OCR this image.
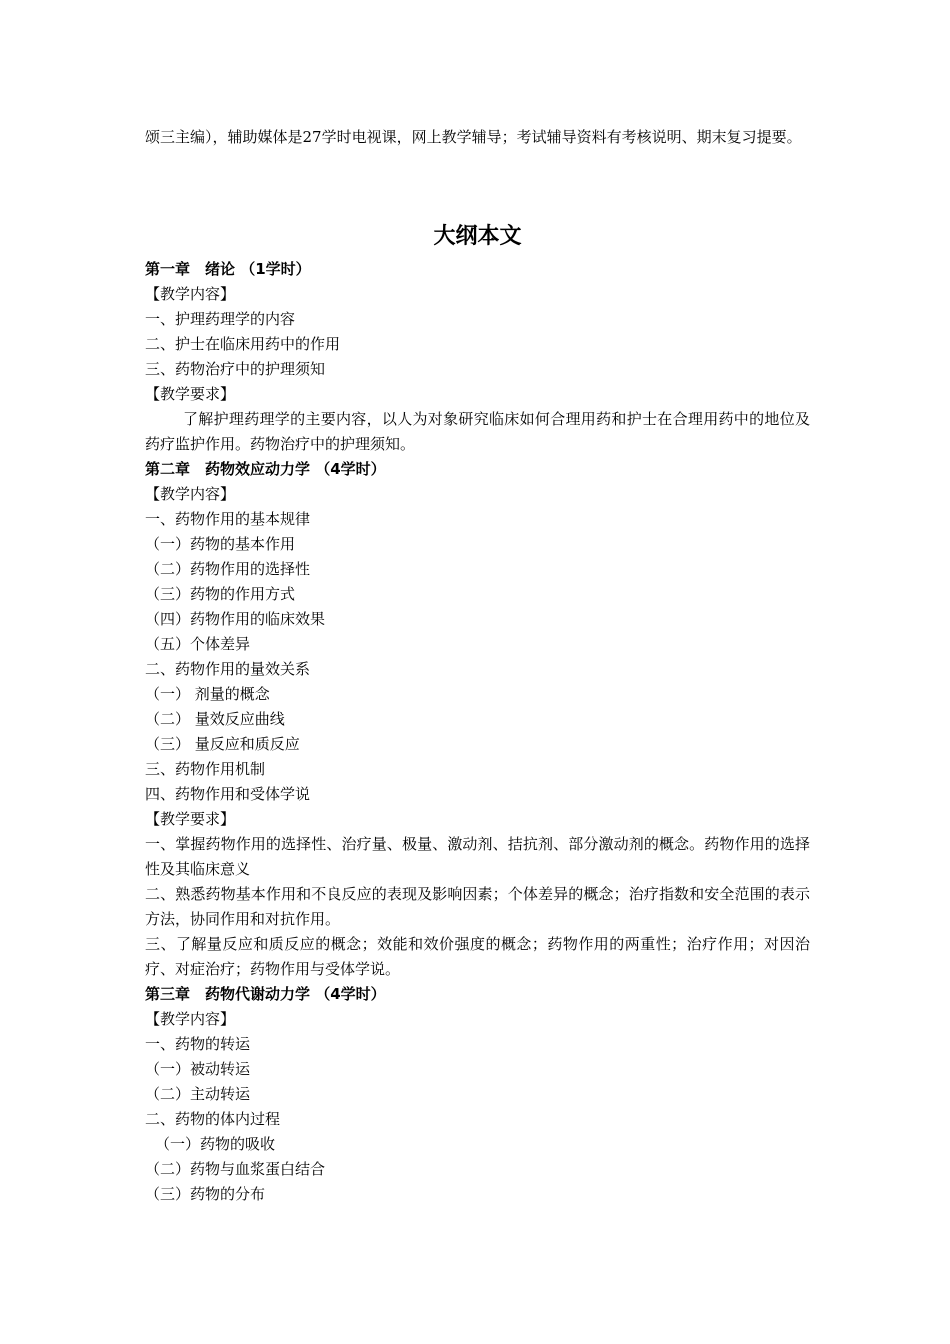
颂三主编），辅助媒体是27学时电视课，网上教学辅导；考试辅导资料有考核说明、期末复习提要。
大纲本文
第一章　绪论 （1学时）
【教学内容】
一、护理药理学的内容
二、护士在临床用药中的作用
三、药物治疗中的护理须知
【教学要求】
了解护理药理学的主要内容，以人为对象研究临床如何合理用药和护士在合理用药中的地位及药疗监护作用。药物治疗中的护理须知。
第二章　药物效应动力学 （4学时）
【教学内容】
一、药物作用的基本规律
（一）药物的基本作用
（二）药物作用的选择性
（三）药物的作用方式
（四）药物作用的临床效果
（五）个体差异
二、药物作用的量效关系
（一） 剂量的概念
（二） 量效反应曲线
（三） 量反应和质反应
三、药物作用机制
四、药物作用和受体学说
【教学要求】
一、掌握药物作用的选择性、治疗量、极量、激动剂、拮抗剂、部分激动剂的概念。药物作用的选择性及其临床意义
二、熟悉药物基本作用和不良反应的表现及影响因素；个体差异的概念；治疗指数和安全范围的表示方法，协同作用和对抗作用。
三、了解量反应和质反应的概念；效能和效价强度的概念；药物作用的两重性；治疗作用；对因治疗、对症治疗；药物作用与受体学说。
第三章　药物代谢动力学 （4学时）
【教学内容】
一、药物的转运
（一）被动转运
（二）主动转运
二、药物的体内过程
（一）药物的吸收
（二）药物与血浆蛋白结合
（三）药物的分布
